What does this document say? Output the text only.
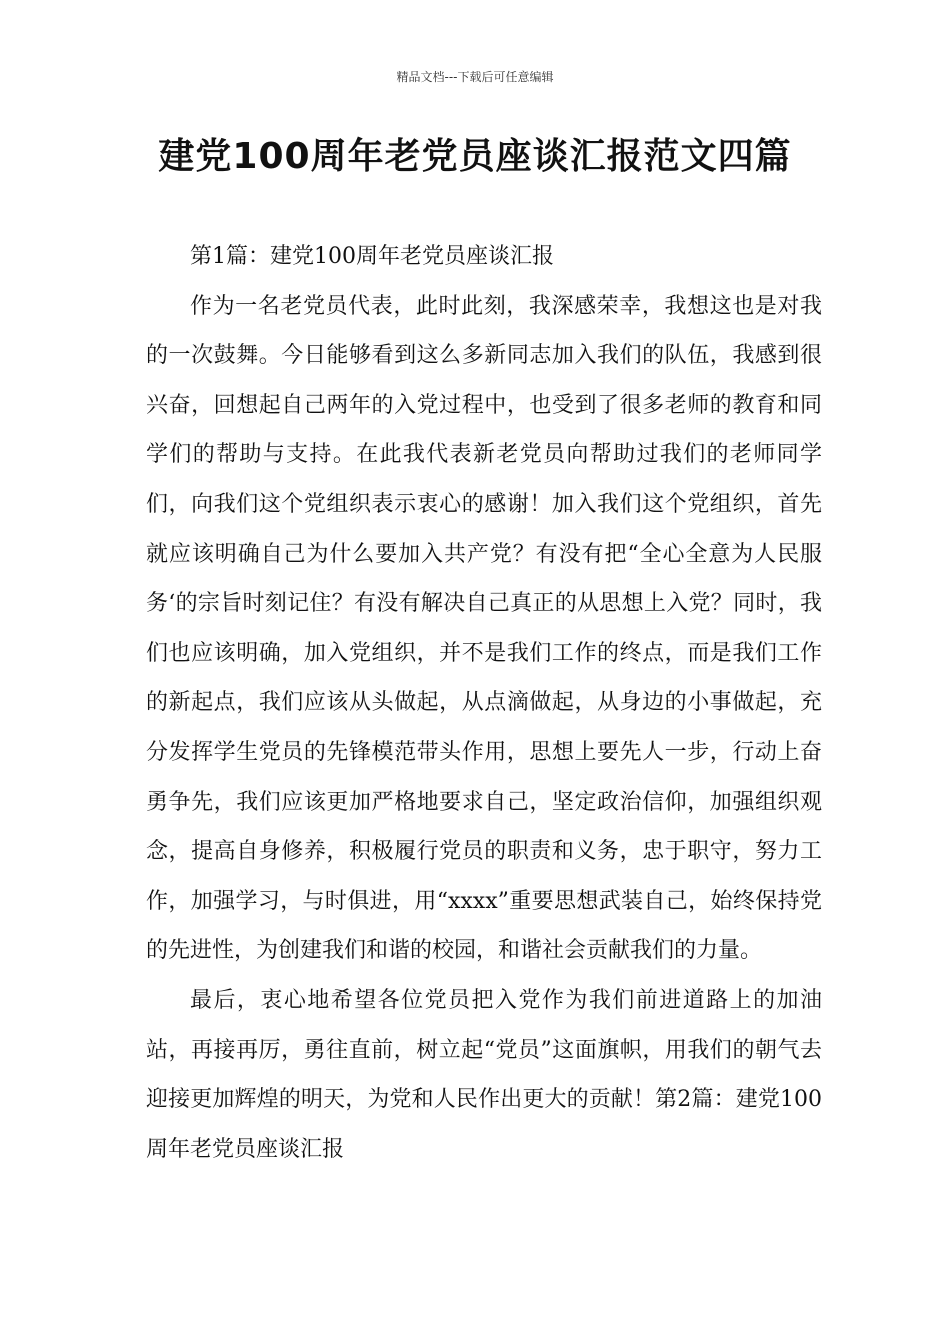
精品文档---下载后可任意编辑
建党100周年老党员座谈汇报范文四篇

第1篇：建党100周年老党员座谈汇报

作为一名老党员代表，此时此刻，我深感荣幸，我想这也是对我的一次鼓舞。今日能够看到这么多新同志加入我们的队伍，我感到很兴奋，回想起自己两年的入党过程中，也受到了很多老师的教育和同学们的帮助与支持。在此我代表新老党员向帮助过我们的老师同学们，向我们这个党组织表示衷心的感谢！加入我们这个党组织，首先就应该明确自己为什么要加入共产党？有没有把“全心全意为人民服务‘的宗旨时刻记住？有没有解决自己真正的从思想上入党？同时，我们也应该明确，加入党组织，并不是我们工作的终点，而是我们工作的新起点，我们应该从头做起，从点滴做起，从身边的小事做起，充分发挥学生党员的先锋模范带头作用，思想上要先人一步，行动上奋勇争先，我们应该更加严格地要求自己，坚定政治信仰，加强组织观念，提高自身修养，积极履行党员的职责和义务，忠于职守，努力工作，加强学习，与时俱进，用“xxxx”重要思想武装自己，始终保持党的先进性，为创建我们和谐的校园，和谐社会贡献我们的力量。

最后，衷心地希望各位党员把入党作为我们前进道路上的加油站，再接再厉，勇往直前，树立起“党员”这面旗帜，用我们的朝气去迎接更加辉煌的明天，为党和人民作出更大的贡献！第2篇：建党100周年老党员座谈汇报
